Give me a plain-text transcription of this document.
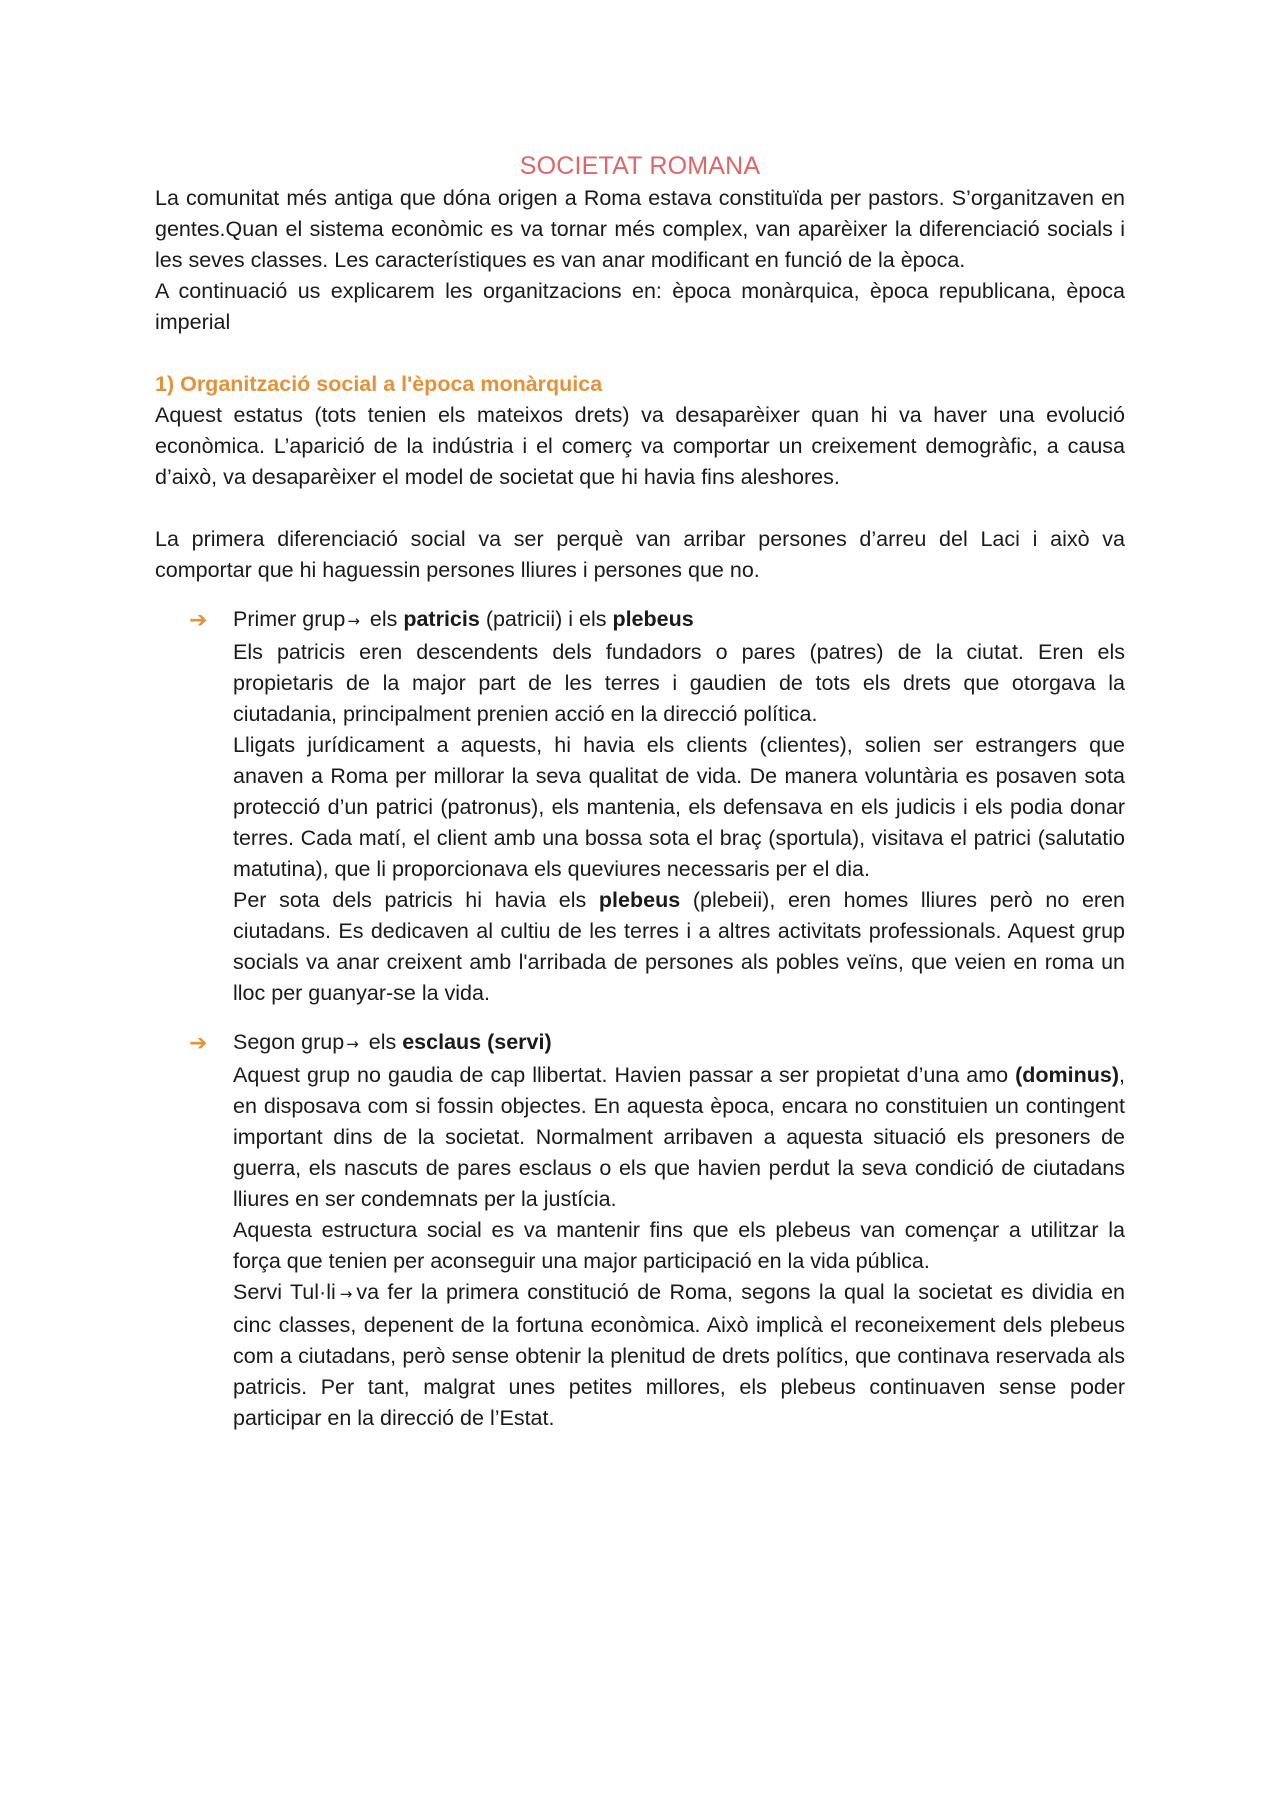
SOCIETAT ROMANA

La comunitat més antiga que dóna origen a Roma estava constituïda per pastors. S’organitzaven en gentes.Quan el sistema econòmic es va tornar més complex, van aparèixer la diferenciació socials i les seves classes. Les característiques es van anar modificant en funció de la època.

A continuació us explicarem les organitzacions en: època monàrquica, època republicana, època imperial

1) Organització social a l'època monàrquica

Aquest estatus (tots tenien els mateixos drets) va desaparèixer quan hi va haver una evolució econòmica. L’aparició de la indústria i el comerç va comportar un creixement demogràfic, a causa d’això, va desaparèixer el model de societat que hi havia fins aleshores.

La primera diferenciació social va ser perquè van arribar persones d’arreu del Laci i això va comportar que hi haguessin persones lliures i persones que no.

➔ Primer grup → els patricis (patricii) i els plebeus

Els patricis eren descendents dels fundadors o pares (patres) de la ciutat. Eren els propietaris de la major part de les terres i gaudien de tots els drets que otorgava la ciutadania, principalment prenien acció en la direcció política.

Lligats jurídicament a aquests, hi havia els clients (clientes), solien ser estrangers que anaven a Roma per millorar la seva qualitat de vida. De manera voluntària es posaven sota protecció d’un patrici (patronus), els mantenia, els defensava en els judicis i els podia donar terres. Cada matí, el client amb una bossa sota el braç (sportula), visitava el patrici (salutatio matutina), que li proporcionava els queviures necessaris per el dia.

Per sota dels patricis hi havia els plebeus (plebeii), eren homes lliures però no eren ciutadans. Es dedicaven al cultiu de les terres i a altres activitats professionals. Aquest grup socials va anar creixent amb l'arribada de persones als pobles veïns, que veien en roma un lloc per guanyar-se la vida.

➔ Segon grup → els esclaus (servi)

Aquest grup no gaudia de cap llibertat. Havien passar a ser propietat d’una amo (dominus), en disposava com si fossin objectes. En aquesta època, encara no constituien un contingent important dins de la societat. Normalment arribaven a aquesta situació els presoners de guerra, els nascuts de pares esclaus o els que havien perdut la seva condició de ciutadans lliures en ser condemnats per la justícia.

Aquesta estructura social es va mantenir fins que els plebeus van començar a utilitzar la força que tenien per aconseguir una major participació en la vida pública.

Servi Tul·li → va fer la primera constitució de Roma, segons la qual la societat es dividia en cinc classes, depenent de la fortuna econòmica. Això implicà el reconeixement dels plebeus com a ciutadans, però sense obtenir la plenitud de drets polítics, que continava reservada als patricis. Per tant, malgrat unes petites millores, els plebeus continuaven sense poder participar en la direcció de l’Estat.
